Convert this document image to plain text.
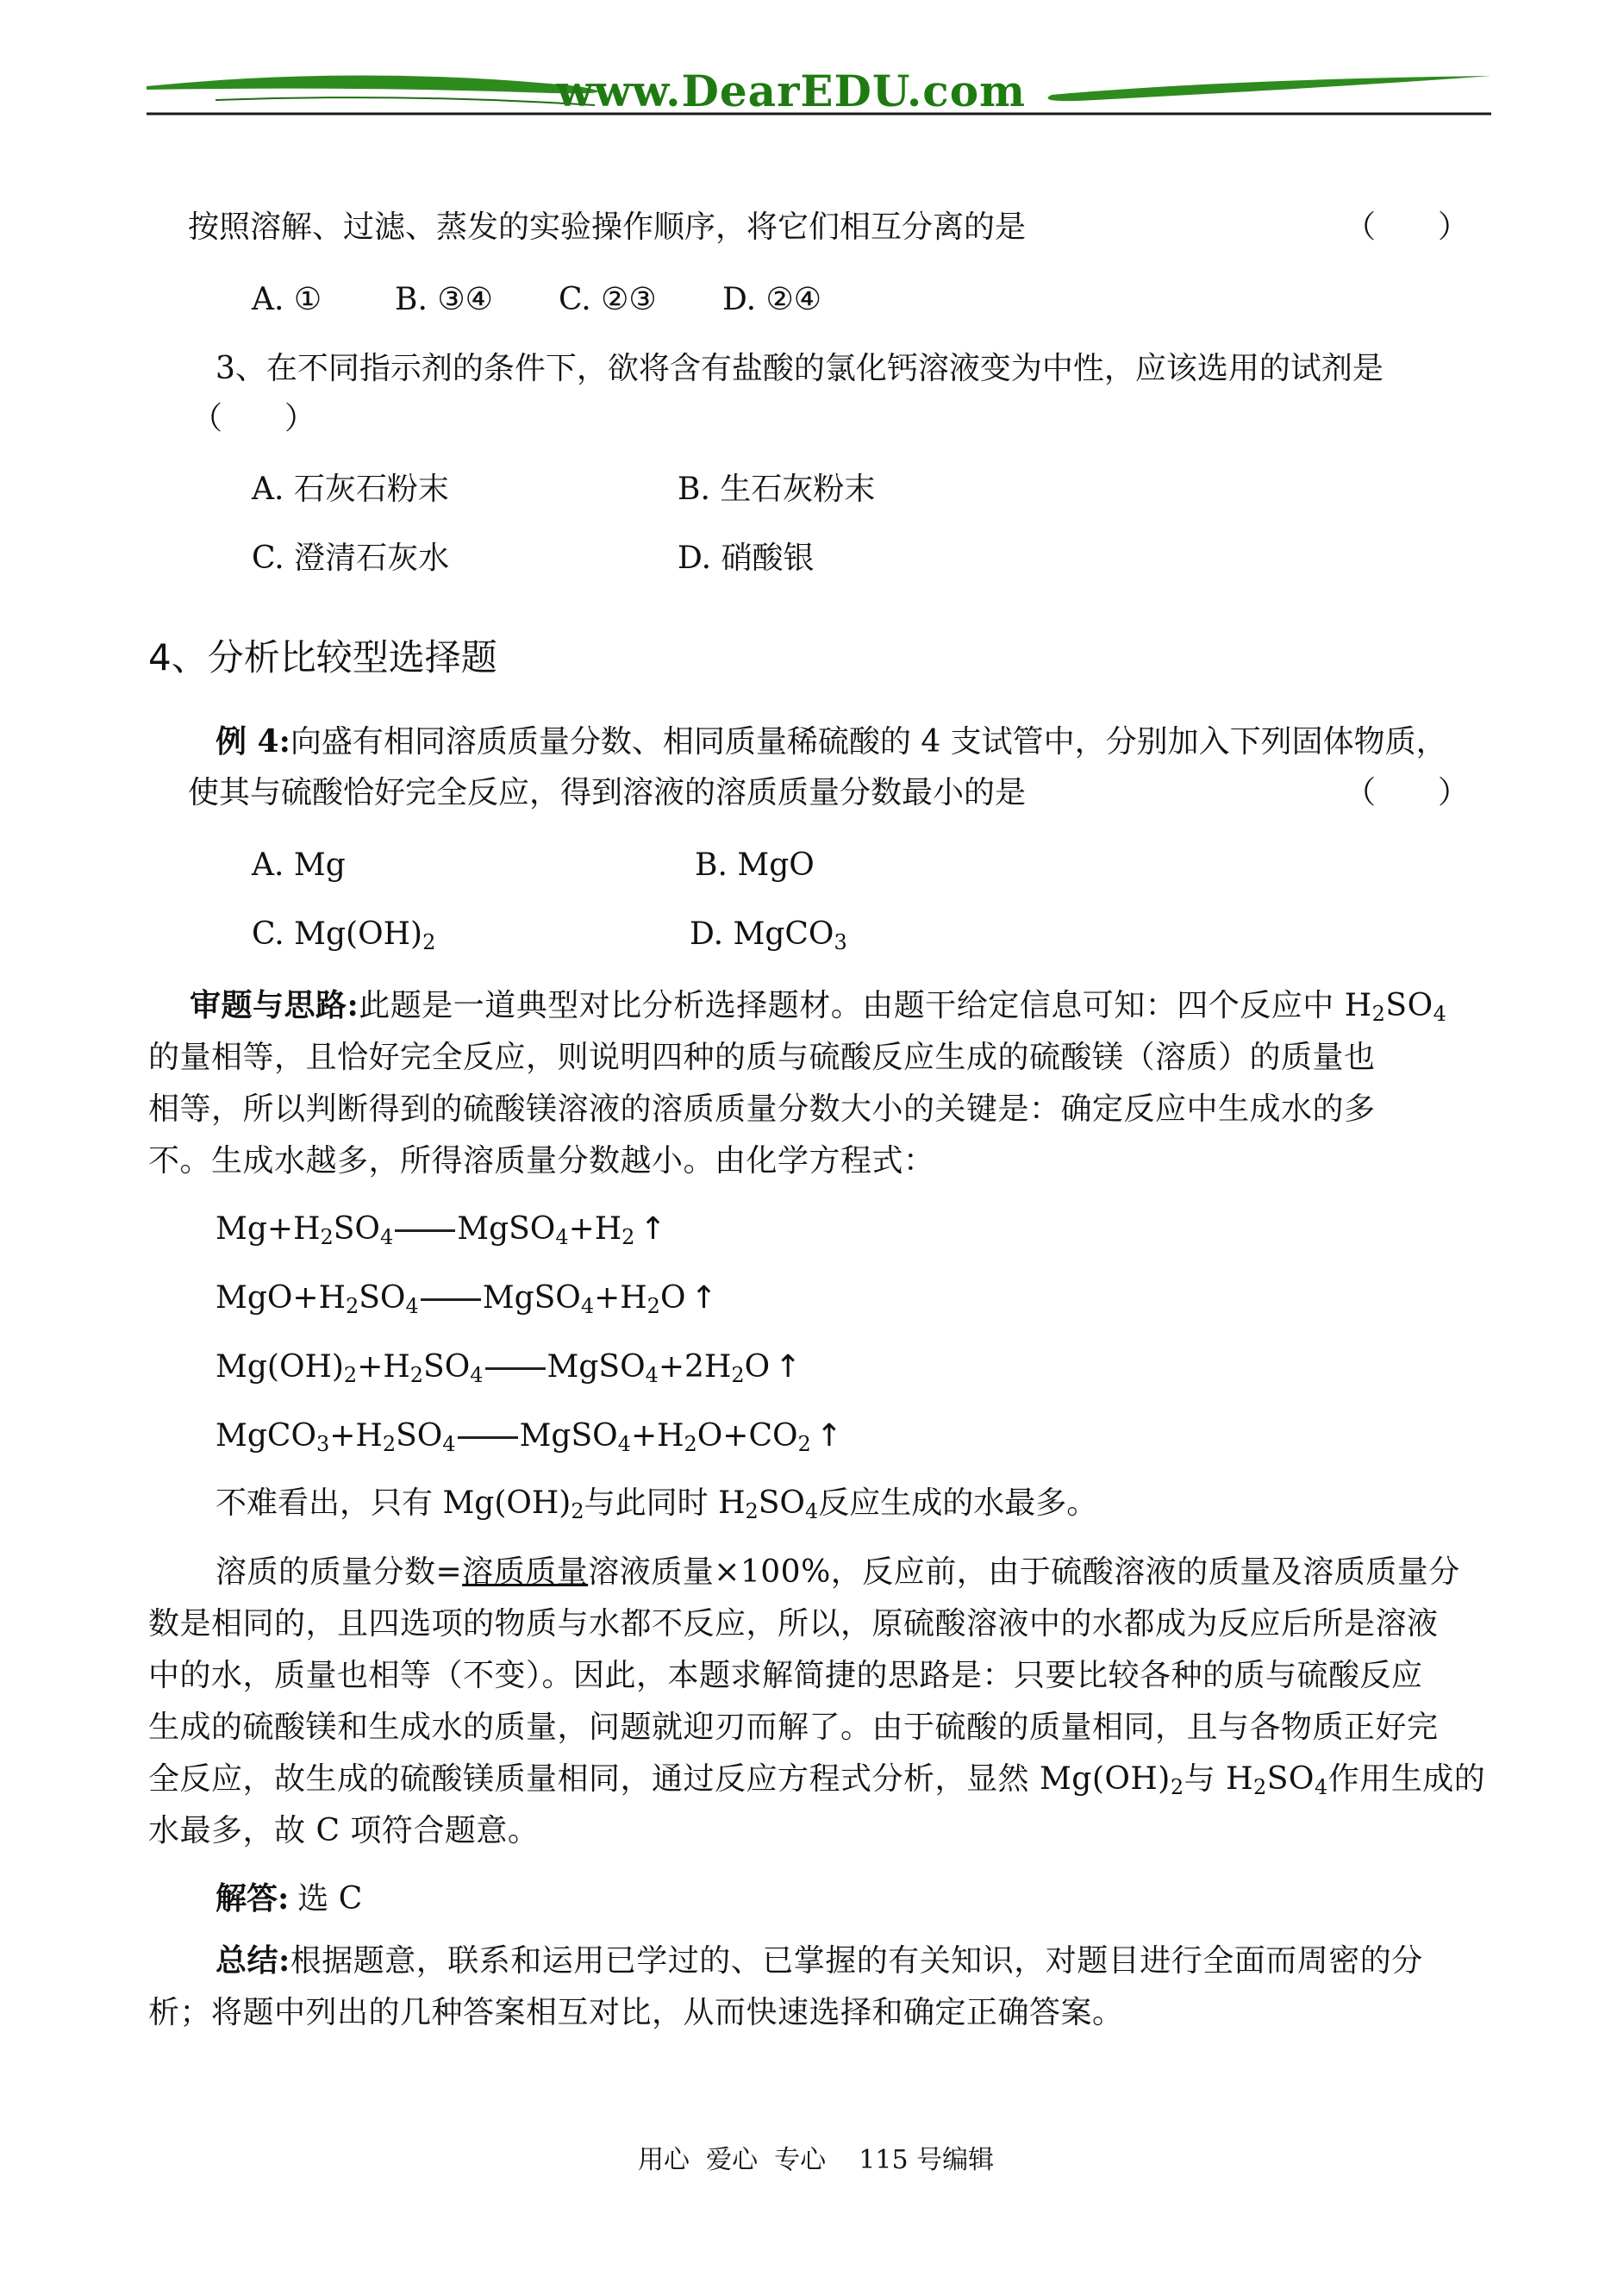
www.DearEDU.com
按照溶解、过滤、蒸发的实验操作顺序，将它们相互分离的是	（　　）
A. ① B. ③④ C. ②③ D. ②④
3、在不同指示剂的条件下，欲将含有盐酸的氯化钙溶液变为中性，应该选用的试剂是
（　　）
A. 石灰石粉末	B. 生石灰粉末
C. 澄清石灰水	D. 硝酸银
4、分析比较型选择题
例 4:向盛有相同溶质质量分数、相同质量稀硫酸的 4 支试管中，分别加入下列固体物质，
使其与硫酸恰好完全反应，得到溶液的溶质质量分数最小的是	（　　）
A. Mg	B. MgO
C. $Mg(OH)_2$	D. MgCO$_3$
审题与思路:此题是一道典型对比分析选择题材。由题干给定信息可知：四个反应中 $H_2SO_4$
的量相等，且恰好完全反应，则说明四种的质与硫酸反应生成的硫酸镁（溶质）的质量也
相等，所以判断得到的硫酸镁溶液的溶质质量分数大小的关键是：确定反应中生成水的多
不。生成水越多，所得溶质量分数越小。由化学方程式：
$Mg+H_2SO_4$ $MgSO_4+H_2$ ↑
$MgO+H_2SO_4$ $MgSO_4+H_2O$ ↑
$Mg(OH)_2+H_2SO_4$ $MgSO_4+2H_2O$ ↑
$MgCO_3+H_2SO_4$ $MgSO_4+H_2O+CO_2$ ↑
不难看出，只有 $Mg(OH)_2$与此同时 $H_2SO_4$反应生成的水最多。
溶质的质量分数=溶质质量溶液质量×100%，反应前，由于硫酸溶液的质量及溶质质量分
数是相同的，且四选项的物质与水都不反应，所以，原硫酸溶液中的水都成为反应后所是溶液
中的水，质量也相等（不变）。因此，本题求解简捷的思路是：只要比较各种的质与硫酸反应
生成的硫酸镁和生成水的质量，问题就迎刃而解了。由于硫酸的质量相同，且与各物质正好完
全反应，故生成的硫酸镁质量相同，通过反应方程式分析，显然 $Mg(OH)_2$与 $H_2SO_4$作用生成的
水最多，故 C 项符合题意。
解答: 选 C
总结:根据题意，联系和运用已学过的、已掌握的有关知识，对题目进行全面而周密的分
析；将题中列出的几种答案相互对比，从而快速选择和确定正确答案。
用心  爱心  专心    115 号编辑
